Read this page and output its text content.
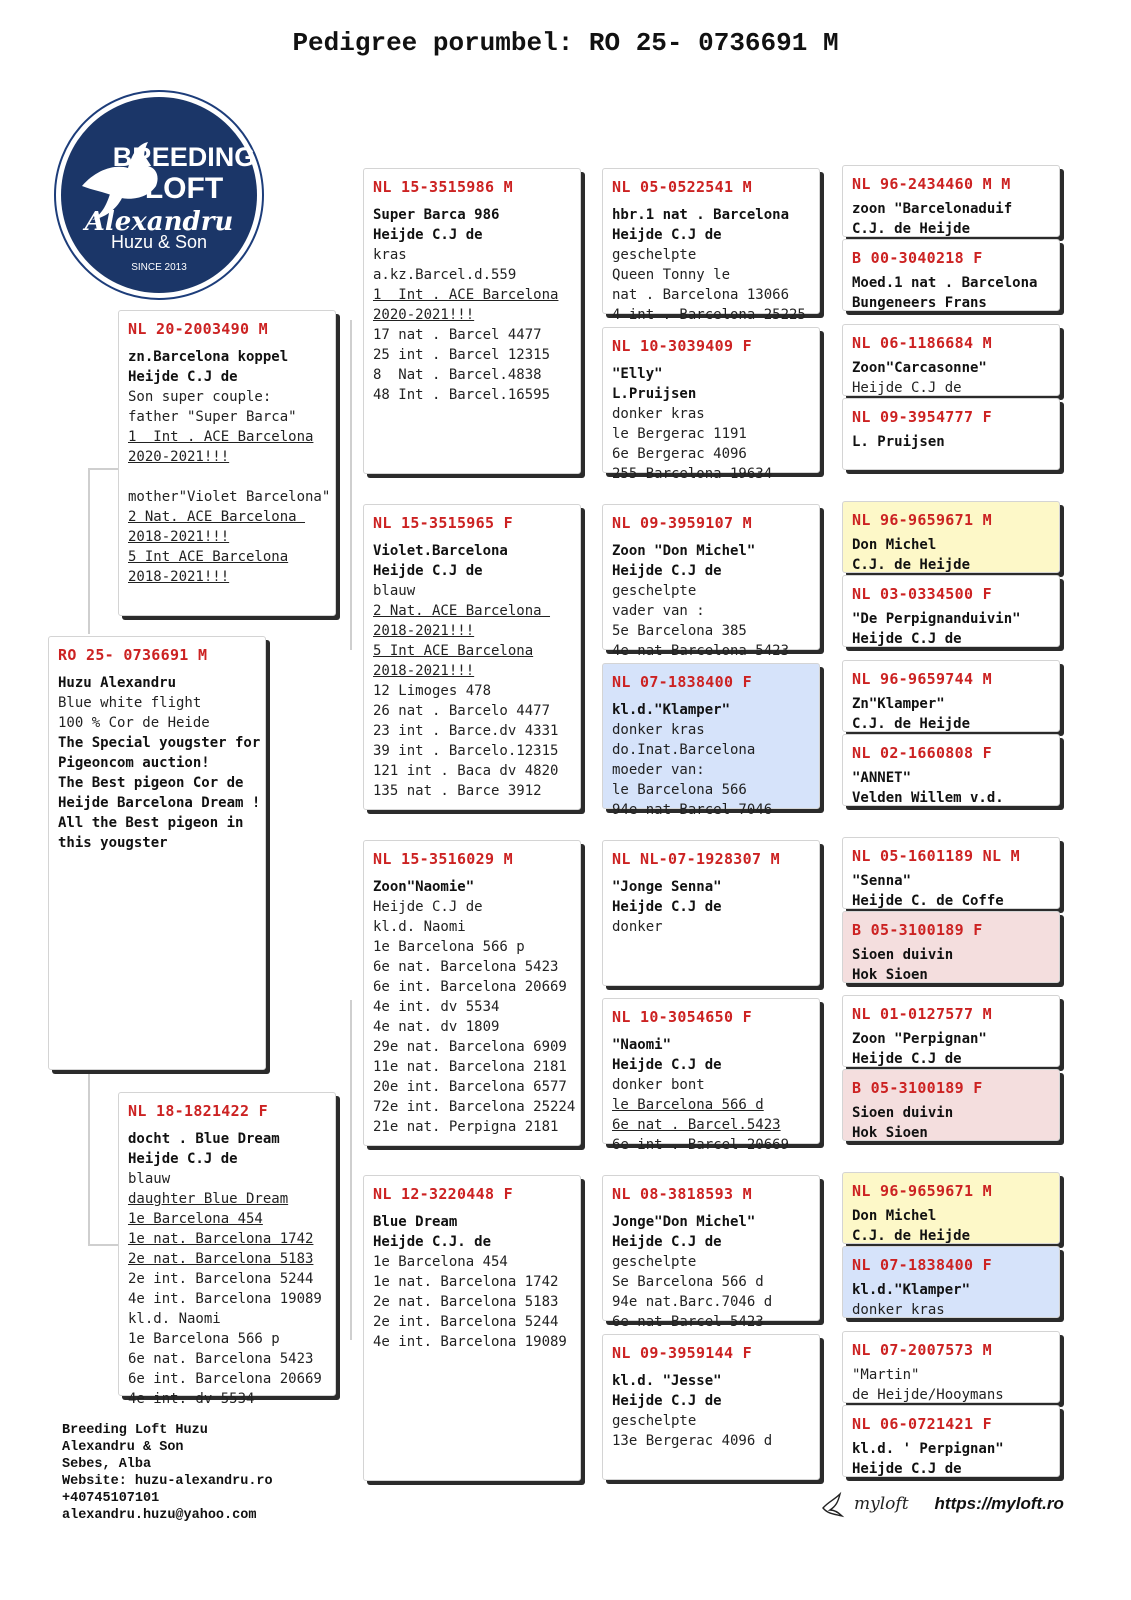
Pedigree porumbel: RO 25- 0736691 M
BREEDING
LOFT
Alexandru
Huzu & Son
SINCE 2013
RO 25- 0736691 M
Huzu Alexandru
Blue white flight
100 % Cor de Heide
The Special yougster for
Pigeoncom auction!
The Best pigeon Cor de
Heijde Barcelona Dream !
All the Best pigeon in
this yougster
NL 20-2003490 M
zn.Barcelona koppel
Heijde C.J de
Son super couple:
father "Super Barca"
1  Int . ACE Barcelona
2020-2021!!!

mother"Violet Barcelona"
2 Nat. ACE Barcelona
2018-2021!!!
5 Int ACE Barcelona
2018-2021!!!
NL 18-1821422 F
docht . Blue Dream
Heijde C.J de
blauw
daughter Blue Dream
1e Barcelona 454
1e nat. Barcelona 1742
2e nat. Barcelona 5183
2e int. Barcelona 5244
4e int. Barcelona 19089
kl.d. Naomi
1e Barcelona 566 p
6e nat. Barcelona 5423
6e int. Barcelona 20669
4e int. dv 5534
NL 15-3515986 M
Super Barca 986
Heijde C.J de
kras
a.kz.Barcel.d.559
1  Int . ACE Barcelona
2020-2021!!!
17 nat . Barcel 4477
25 int . Barcel 12315
8  Nat . Barcel.4838
48 Int . Barcel.16595
NL 15-3515965 F
Violet.Barcelona
Heijde C.J de
blauw
2 Nat. ACE Barcelona
2018-2021!!!
5 Int ACE Barcelona
2018-2021!!!
12 Limoges 478
26 nat . Barcelo 4477
23 int . Barce.dv 4331
39 int . Barcelo.12315
121 int . Baca dv 4820
135 nat . Barce 3912
NL 15-3516029 M
Zoon"Naomie"
Heijde C.J de
kl.d. Naomi
1e Barcelona 566 p
6e nat. Barcelona 5423
6e int. Barcelona 20669
4e int. dv 5534
4e nat. dv 1809
29e nat. Barcelona 6909
11e nat. Barcelona 2181
20e int. Barcelona 6577
72e int. Barcelona 25224
21e nat. Perpigna 2181
NL 12-3220448 F
Blue Dream
Heijde C.J. de
1e Barcelona 454
1e nat. Barcelona 1742
2e nat. Barcelona 5183
2e int. Barcelona 5244
4e int. Barcelona 19089
NL 05-0522541 M
hbr.1 nat . Barcelona
Heijde C.J de
geschelpte
Queen Tonny le
nat . Barcelona 13066
4 int . Barcelona 25225
NL 10-3039409 F
"Elly"
L.Pruijsen
donker kras
le Bergerac 1191
6e Bergerac 4096
255 Barcelona 19634
NL 09-3959107 M
Zoon "Don Michel"
Heijde C.J de
geschelpte
vader van :
5e Barcelona 385
4e nat Barcelona 5423
NL 07-1838400 F
kl.d."Klamper"
donker kras
do.Inat.Barcelona
moeder van:
le Barcelona 566
94e nat Barcel 7046
NL NL-07-1928307 M
"Jonge Senna"
Heijde C.J de
donker
NL 10-3054650 F
"Naomi"
Heijde C.J de
donker bont
le Barcelona 566 d
6e nat . Barcel.5423
6e int . Barcel 20669
NL 08-3818593 M
Jonge"Don Michel"
Heijde C.J de
geschelpte
Se Barcelona 566 d
94e nat.Barc.7046 d
6e nat Barcel 5423
NL 09-3959144 F
kl.d. "Jesse"
Heijde C.J de
geschelpte
13e Bergerac 4096 d
NL 96-2434460 M M
zoon "Barcelonaduif
C.J. de Heijde
B 00-3040218 F
Moed.1 nat . Barcelona
Bungeneers Frans
NL 06-1186684 M
Zoon"Carcasonne"
Heijde C.J de
NL 09-3954777 F
L. Pruijsen
NL 96-9659671 M
Don Michel
C.J. de Heijde
NL 03-0334500 F
"De Perpignanduivin"
Heijde C.J de
NL 96-9659744 M
Zn"Klamper"
C.J. de Heijde
NL 02-1660808 F
"ANNET"
Velden Willem v.d.
NL 05-1601189 NL M
"Senna"
Heijde C. de Coffe
B 05-3100189 F
Sioen duivin
Hok Sioen
NL 01-0127577 M
Zoon "Perpignan"
Heijde C.J de
B 05-3100189 F
Sioen duivin
Hok Sioen
NL 96-9659671 M
Don Michel
C.J. de Heijde
NL 07-1838400 F
kl.d."Klamper"
donker kras
NL 07-2007573 M
"Martin"
de Heijde/Hooymans
NL 06-0721421 F
kl.d. ' Perpignan"
Heijde C.J de
Breeding Loft Huzu
Alexandru & Son
Sebes, Alba
Website: huzu-alexandru.ro
+40745107101
alexandru.huzu@yahoo.com
myloft https://myloft.ro
